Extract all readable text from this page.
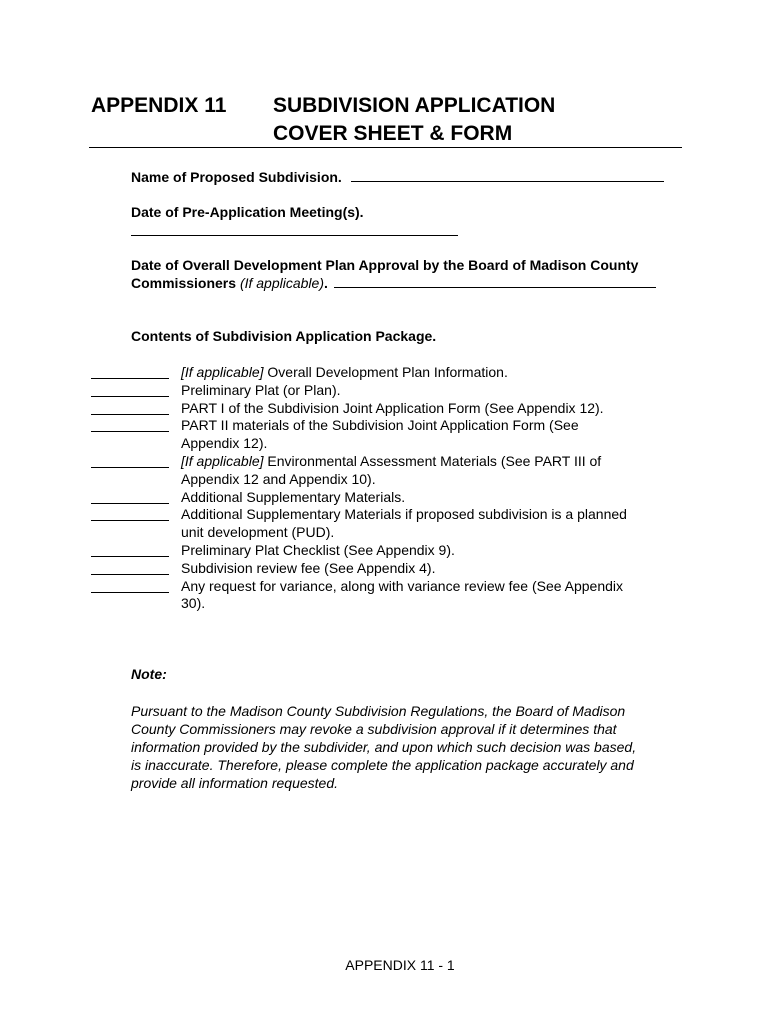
APPENDIX 11 SUBDIVISION APPLICATION
COVER SHEET & FORM
Name of Proposed Subdivision.
Date of Pre-Application Meeting(s).
Date of Overall Development Plan Approval by the Board of Madison County
Commissioners (If applicable).
Contents of Subdivision Application Package.
[If applicable] Overall Development Plan Information.
Preliminary Plat (or Plan).
PART I of the Subdivision Joint Application Form (See Appendix 12).
PART II materials of the Subdivision Joint Application Form (See
Appendix 12).
[If applicable] Environmental Assessment Materials (See PART III of
Appendix 12 and Appendix 10).
Additional Supplementary Materials.
Additional Supplementary Materials if proposed subdivision is a planned
unit development (PUD).
Preliminary Plat Checklist (See Appendix 9).
Subdivision review fee (See Appendix 4).
Any request for variance, along with variance review fee (See Appendix
30).
Note:
Pursuant to the Madison County Subdivision Regulations, the Board of Madison
County Commissioners may revoke a subdivision approval if it determines that
information provided by the subdivider, and upon which such decision was based,
is inaccurate. Therefore, please complete the application package accurately and
provide all information requested.
APPENDIX 11 - 1
